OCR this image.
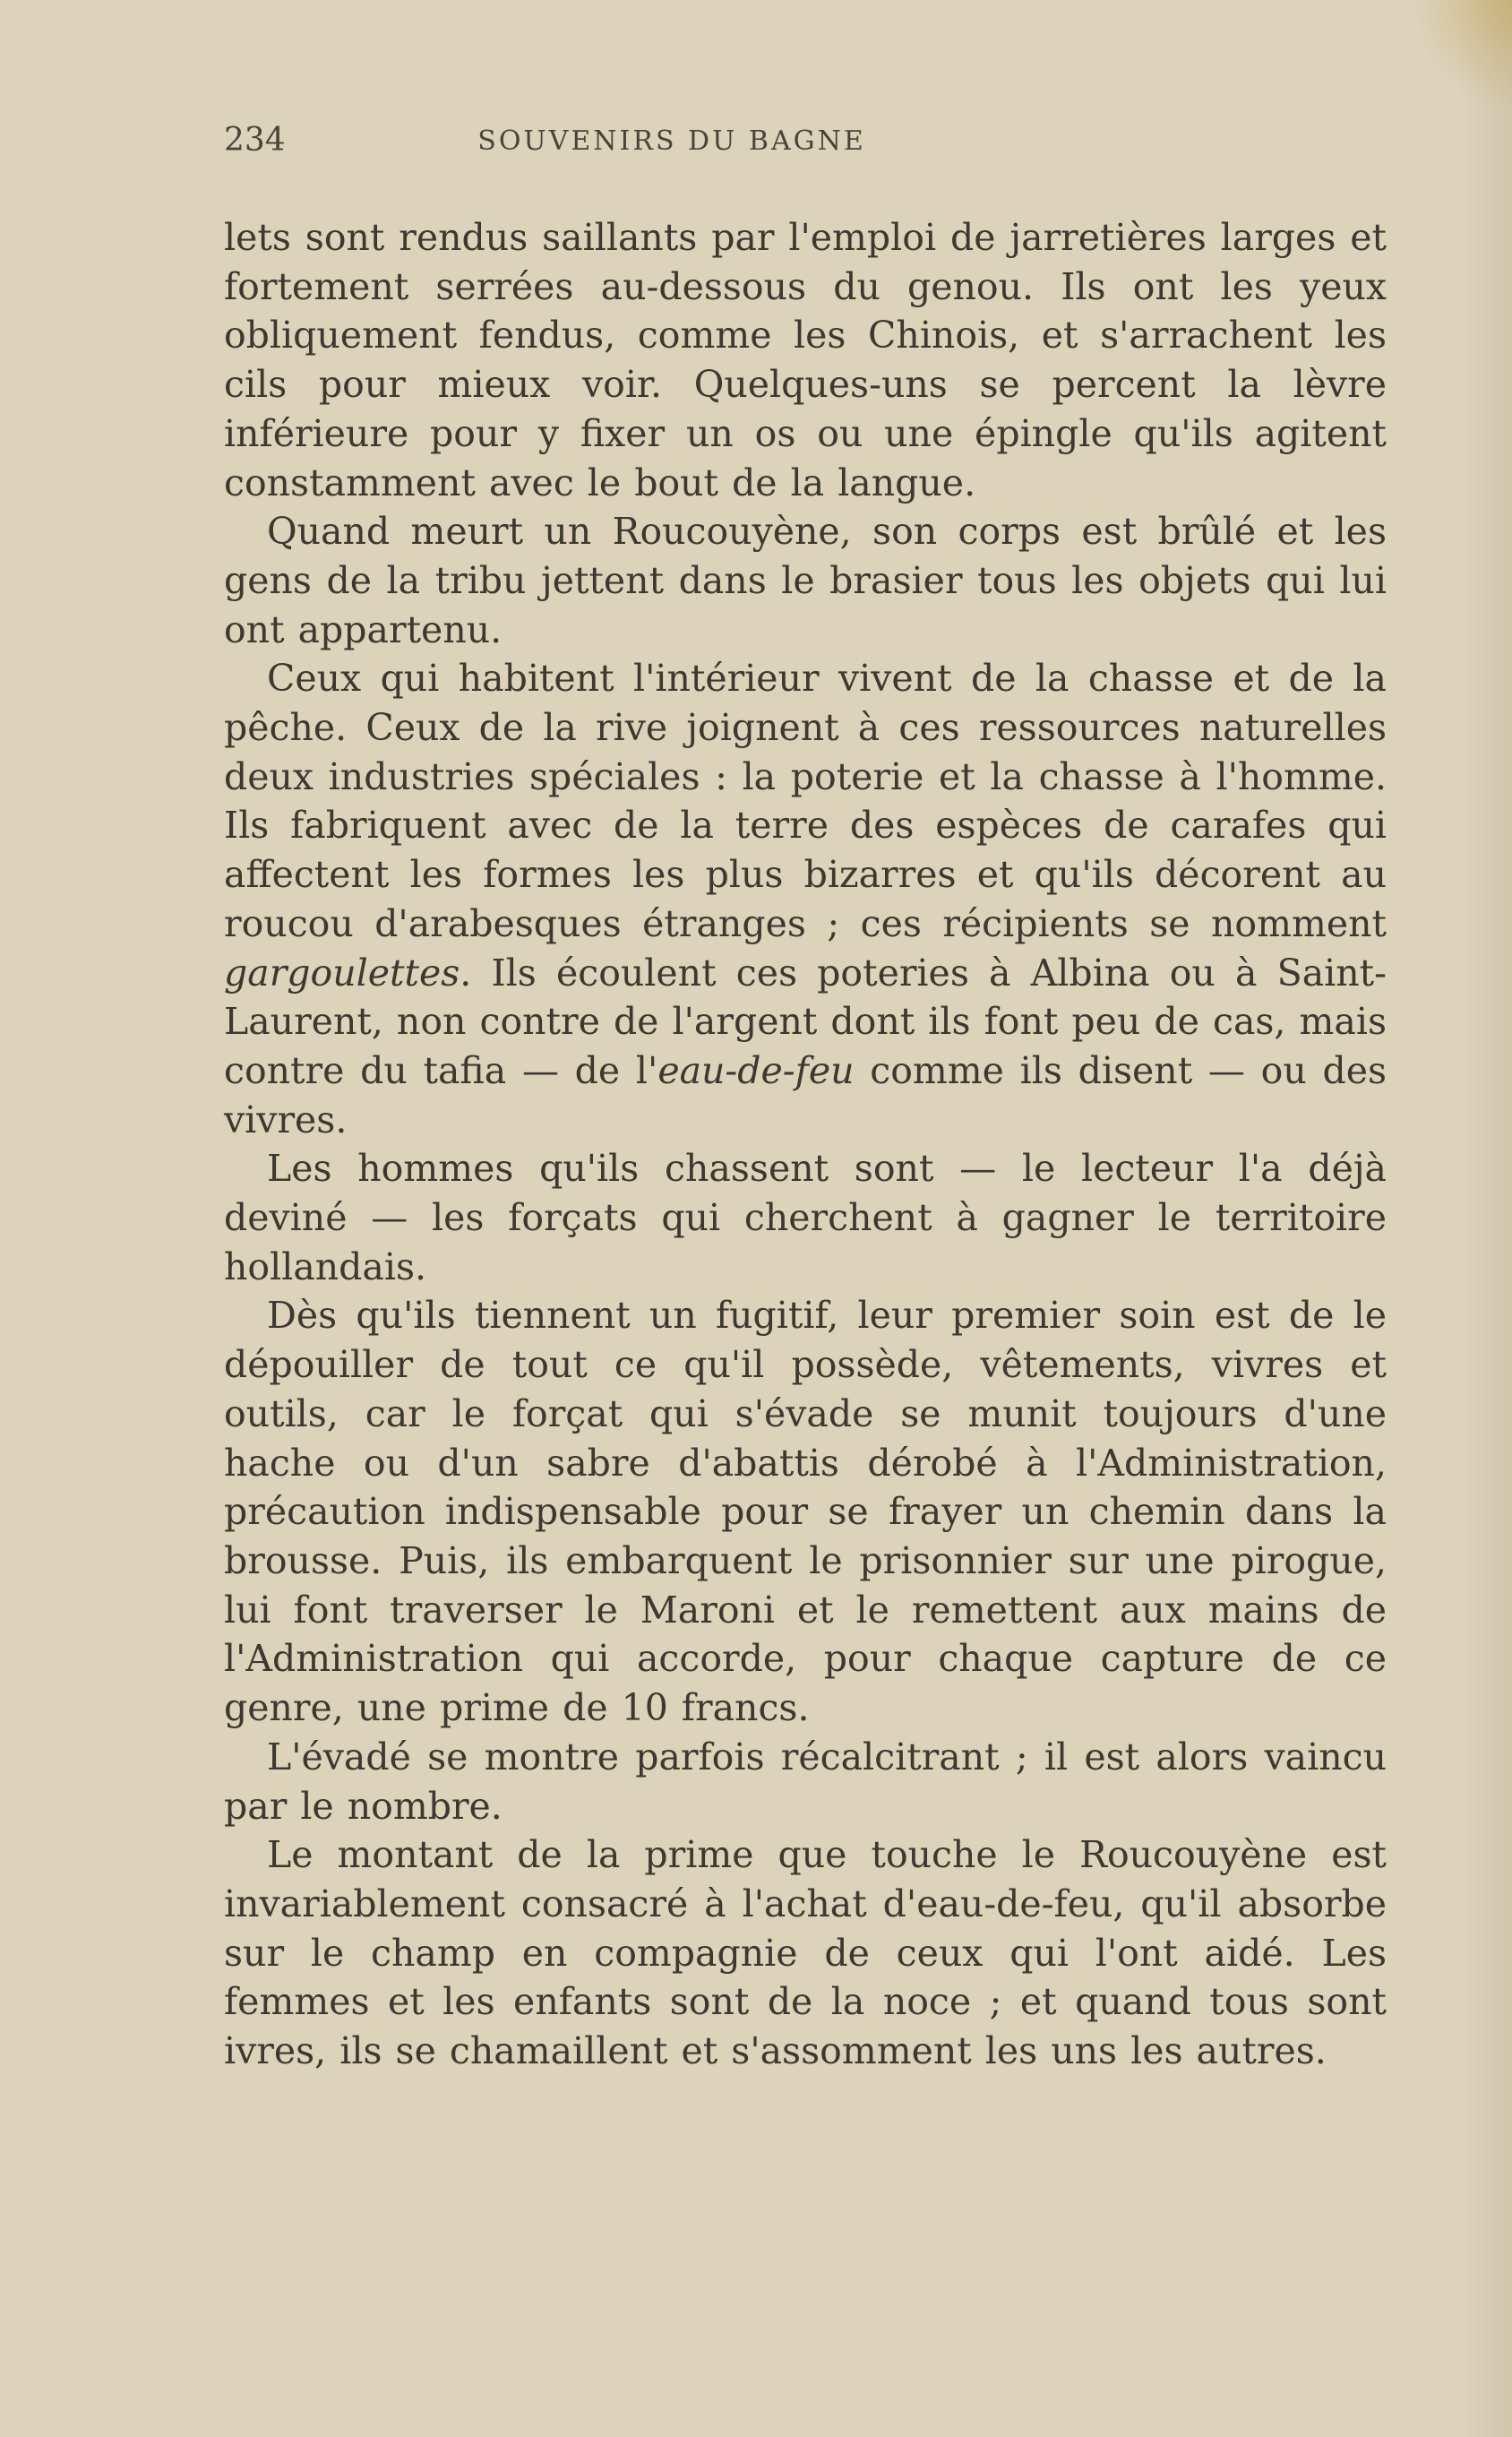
234	SOUVENIRS DU BAGNE

lets sont rendus saillants par l'emploi de jarretières larges et fortement serrées au-dessous du genou. Ils ont les yeux obliquement fendus, comme les Chinois, et s'arrachent les cils pour mieux voir. Quelques-uns se percent la lèvre inférieure pour y fixer un os ou une épingle qu'ils agitent constamment avec le bout de la langue.

Quand meurt un Roucouyène, son corps est brûlé et les gens de la tribu jettent dans le brasier tous les objets qui lui ont appartenu.

Ceux qui habitent l'intérieur vivent de la chasse et de la pêche. Ceux de la rive joignent à ces ressources naturelles deux industries spéciales : la poterie et la chasse à l'homme. Ils fabriquent avec de la terre des espèces de carafes qui affectent les formes les plus bizarres et qu'ils décorent au roucou d'arabesques étranges ; ces récipients se nomment gargoulettes. Ils écoulent ces poteries à Albina ou à Saint-Laurent, non contre de l'argent dont ils font peu de cas, mais contre du tafia — de l'eau-de-feu comme ils disent — ou des vivres.

Les hommes qu'ils chassent sont — le lecteur l'a déjà deviné — les forçats qui cherchent à gagner le territoire hollandais.

Dès qu'ils tiennent un fugitif, leur premier soin est de le dépouiller de tout ce qu'il possède, vêtements, vivres et outils, car le forçat qui s'évade se munit toujours d'une hache ou d'un sabre d'abattis dérobé à l'Administration, précaution indispensable pour se frayer un chemin dans la brousse. Puis, ils embarquent le prisonnier sur une pirogue, lui font traverser le Maroni et le remettent aux mains de l'Administration qui accorde, pour chaque capture de ce genre, une prime de 10 francs.

L'évadé se montre parfois récalcitrant ; il est alors vaincu par le nombre.

Le montant de la prime que touche le Roucouyène est invariablement consacré à l'achat d'eau-de-feu, qu'il absorbe sur le champ en compagnie de ceux qui l'ont aidé. Les femmes et les enfants sont de la noce ; et quand tous sont ivres, ils se chamaillent et s'assomment les uns les autres.
